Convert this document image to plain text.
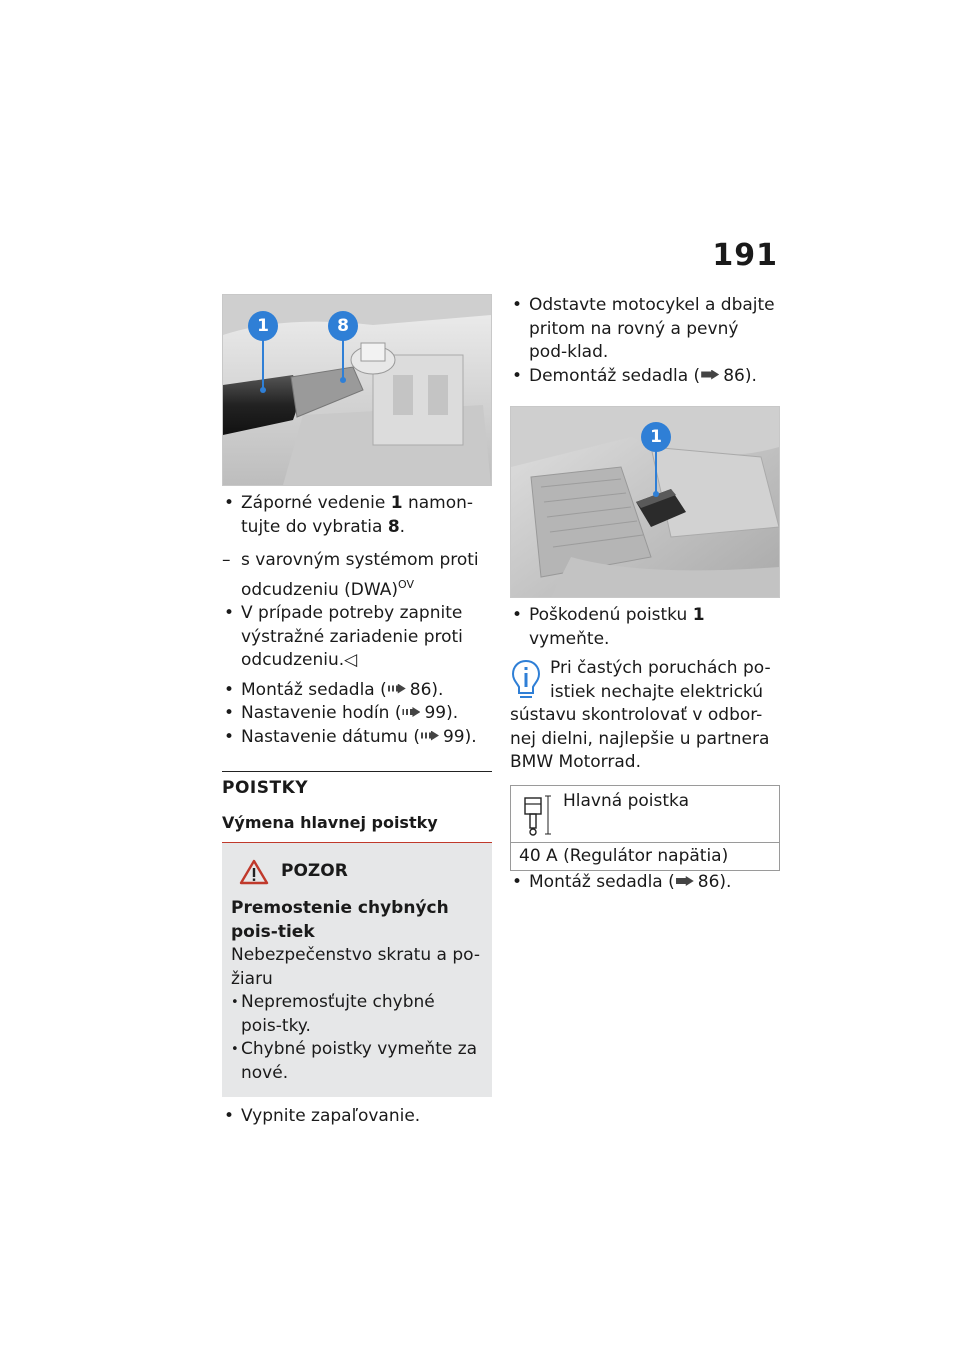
191
1	8

• Záporné vedenie 1 namon-tujte do vybratia 8.

– s varovným systémom proti odcudzeniu (DWA)$^{OV}$

• V prípade potreby zapnite výstražné zariadenie proti odcudzeniu.◁

• Montáž sedadla ( 86).

• Nastavenie hodín ( 99).

• Nastavenie dátumu ( 99).

POISTKY
Výmena hlavnej poistky
POZOR
Premostenie chybných pois-tiek
Nebezpečenstvo skratu a po-žiaru
• Nepremosťujte chybné pois-tky.
• Chybné poistky vymeňte za nové.

• Vypnite zapaľovanie.

• Odstavte motocykel a dbajte pritom na rovný a pevný pod-klad.

• Demontáž sedadla ( 86).

1

• Poškodenú poistku 1 vymeňte.

Pri častých poruchách po-istiek nechajte elektrickú sústavu skontrolovať v odbor-nej dielni, najlepšie u partnera BMW Motorrad.
Hlavná poistka
40 A (Regulátor napätia)

• Montáž sedadla ( 86).
